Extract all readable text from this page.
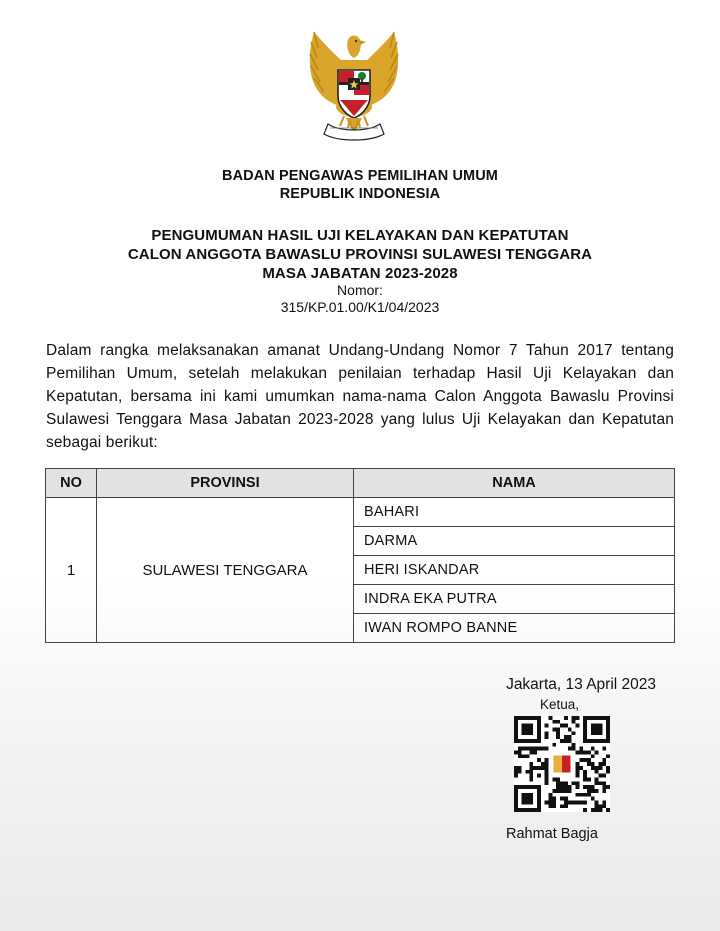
BADAN PENGAWAS PEMILIHAN UMUM
REPUBLIK INDONESIA
PENGUMUMAN HASIL UJI KELAYAKAN DAN KEPATUTAN
CALON ANGGOTA BAWASLU PROVINSI SULAWESI TENGGARA
MASA JABATAN 2023-2028
Nomor:
315/KP.01.00/K1/04/2023
Dalam rangka melaksanakan amanat Undang-Undang Nomor 7 Tahun 2017 tentang Pemilihan Umum, setelah melakukan penilaian terhadap Hasil Uji Kelayakan dan Kepatutan, bersama ini kami umumkan nama-nama Calon Anggota Bawaslu Provinsi Sulawesi Tenggara Masa Jabatan 2023-2028 yang lulus Uji Kelayakan dan Kepatutan sebagai berikut:
NO	PROVINSI	NAMA
1	SULAWESI TENGGARA	BAHARI
		DARMA
		HERI ISKANDAR
		INDRA EKA PUTRA
		IWAN ROMPO BANNE
Jakarta, 13 April 2023
Ketua,
Rahmat Bagja
